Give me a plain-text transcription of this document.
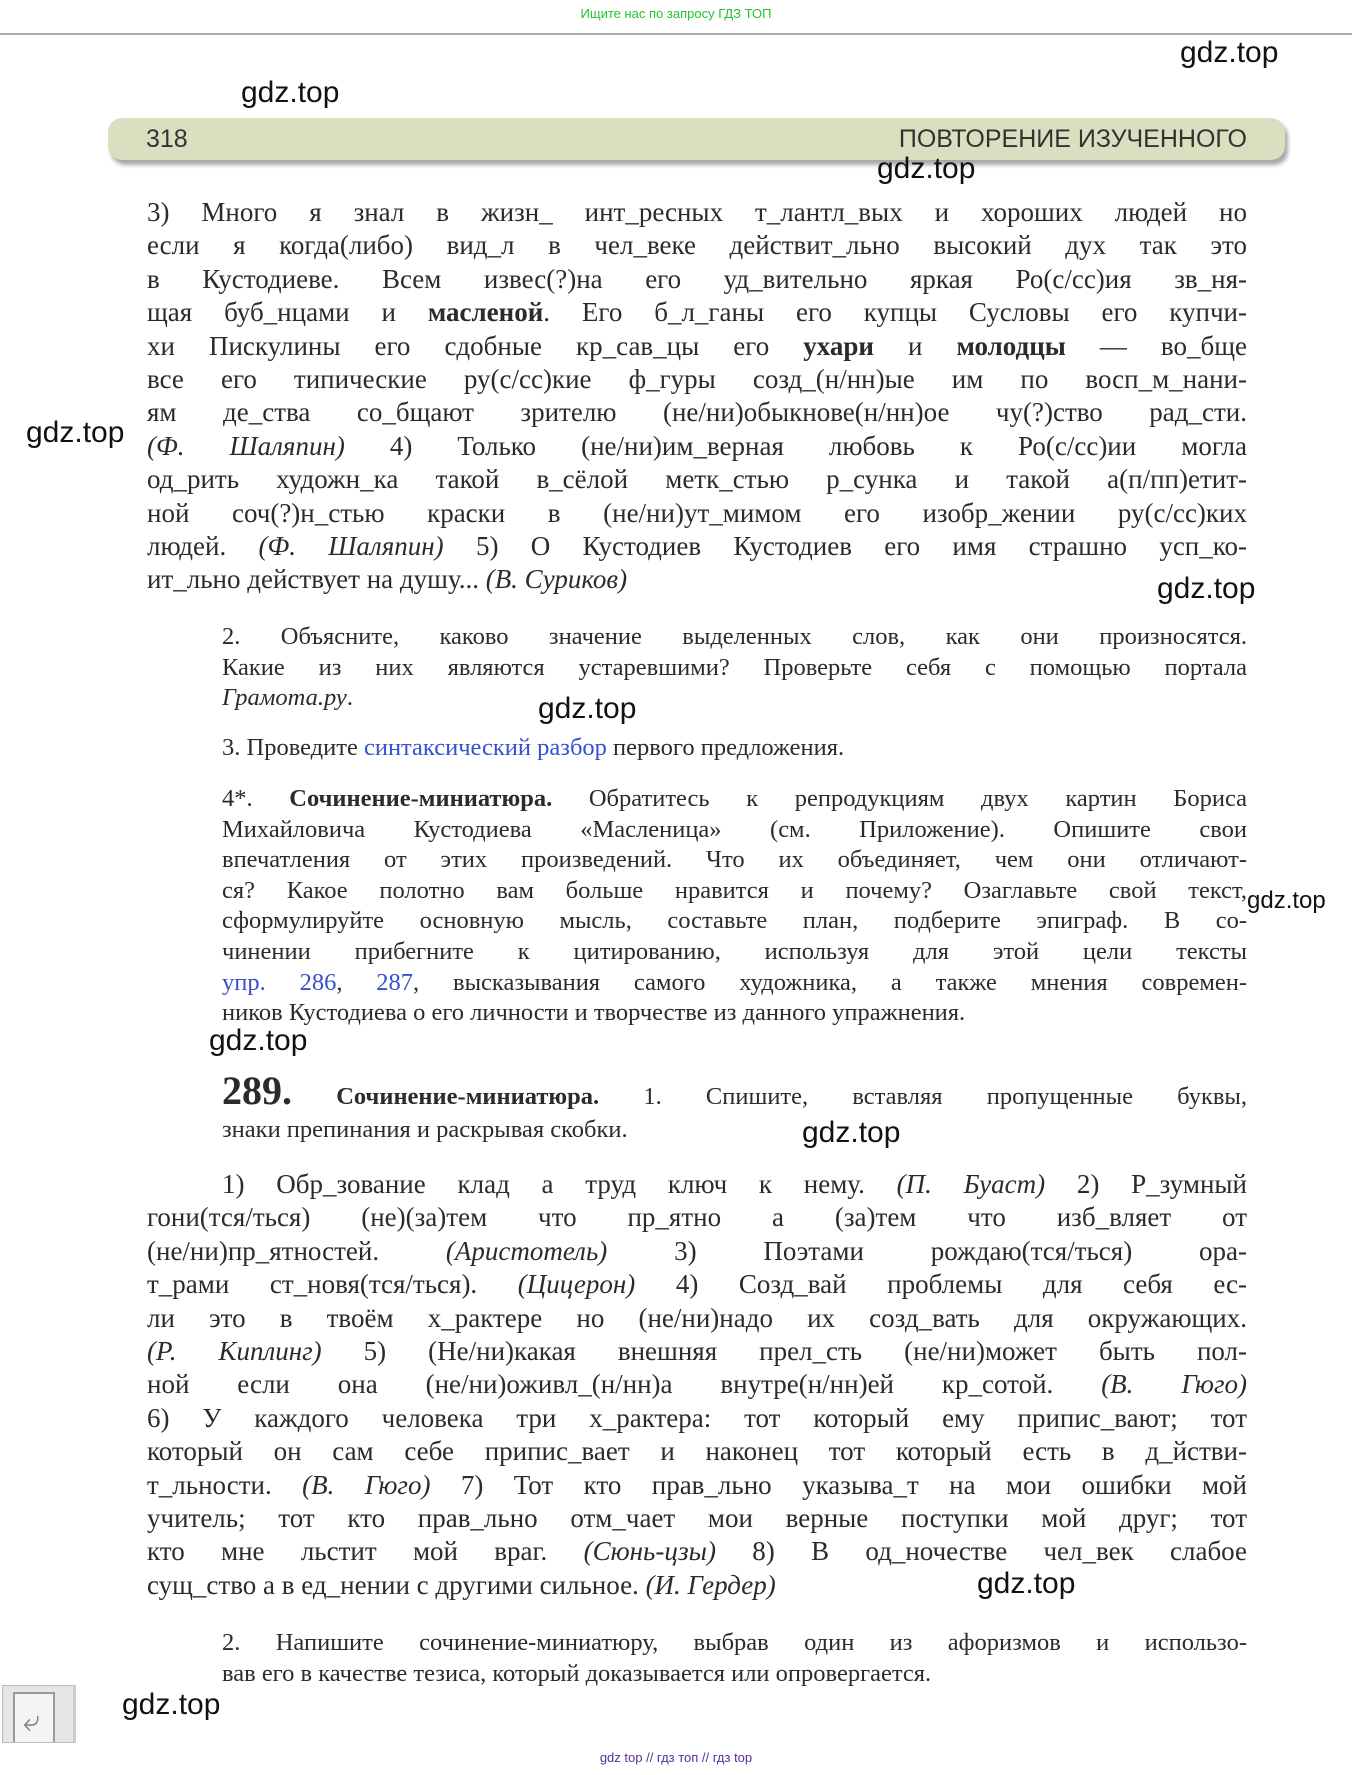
Ищите нас по запросу ГДЗ ТОП
318	ПОВТОРЕНИЕ ИЗУЧЕННОГО
3) Много я знал в жизн_ инт_ресных т_лантл_вых и хороших людей но
если я когда(либо) вид_л в чел_веке действит_льно высокий дух так это
в Кустодиеве. Всем извес(?)на его уд_вительно яркая Ро(с/сс)ия зв_ня-
щая буб_нцами и масленой. Его б_л_ганы его купцы Сусловы его купчи-
хи Пискулины его сдобные кр_сав_цы его ухари и молодцы — во_бще
все его типические ру(с/сс)кие ф_гуры созд_(н/нн)ые им по восп_м_нани-
ям де_ства со_бщают зрителю (не/ни)обыкнове(н/нн)ое чу(?)ство рад_сти.
(Ф. Шаляпин) 4) Только (не/ни)им_верная любовь к Ро(с/сс)ии могла
од_рить художн_ка такой в_сёлой метк_стью р_сунка и такой а(п/пп)етит-
ной соч(?)н_стью краски в (не/ни)ут_мимом его изобр_жении ру(с/сс)ких
людей. (Ф. Шаляпин) 5) О Кустодиев Кустодиев его имя страшно усп_ко-
ит_льно действует на душу... (В. Суриков)
2. Объясните, каково значение выделенных слов, как они произносятся.
Какие из них являются устаревшими? Проверьте себя с помощью портала
Грамота.ру.
3. Проведите синтаксический разбор первого предложения.
4*. Сочинение-миниатюра. Обратитесь к репродукциям двух картин Бориса
Михайловича Кустодиева «Масленица» (см. Приложение). Опишите свои
впечатления от этих произведений. Что их объединяет, чем они отличают-
ся? Какое полотно вам больше нравится и почему? Озаглавьте свой текст,
сформулируйте основную мысль, составьте план, подберите эпиграф. В со-
чинении прибегните к цитированию, используя для этой цели тексты
упр. 286, 287, высказывания самого художника, а также мнения современ-
ников Кустодиева о его личности и творчестве из данного упражнения.
289. Сочинение-миниатюра. 1. Спишите, вставляя пропущенные буквы,
знаки препинания и раскрывая скобки.
1) Обр_зование клад а труд ключ к нему. (П. Буаст) 2) Р_зумный
гони(тся/ться) (не)(за)тем что пр_ятно а (за)тем что изб_вляет от
(не/ни)пр_ятностей. (Аристотель) 3) Поэтами рождаю(тся/ться) ора-
т_рами ст_новя(тся/ться). (Цицерон) 4) Созд_вай проблемы для себя ес-
ли это в твоём х_рактере но (не/ни)надо их созд_вать для окружающих.
(Р. Киплинг) 5) (Не/ни)какая внешняя прел_сть (не/ни)может быть пол-
ной если она (не/ни)оживл_(н/нн)а внутре(н/нн)ей кр_сотой. (В. Гюго)
6) У каждого человека три х_рактера: тот который ему припис_вают; тот
который он сам себе припис_вает и наконец тот который есть в д_йстви-
т_льности. (В. Гюго) 7) Тот кто прав_льно указыва_т на мои ошибки мой
учитель; тот кто прав_льно отм_чает мои верные поступки мой друг; тот
кто мне льстит мой враг. (Сюнь-цзы) 8) В од_ночестве чел_век слабое
сущ_ство а в ед_нении с другими сильное. (И. Гердер)
2. Напишите сочинение-миниатюру, выбрав один из афоризмов и использо-
вав его в качестве тезиса, который доказывается или опровергается.
gdz.top
gdz.top
gdz.top
gdz.top
gdz.top
gdz.top
gdz.top
gdz.top
gdz.top
gdz.top
gdz.top
⤶
gdz top // гдз топ // гдз top
